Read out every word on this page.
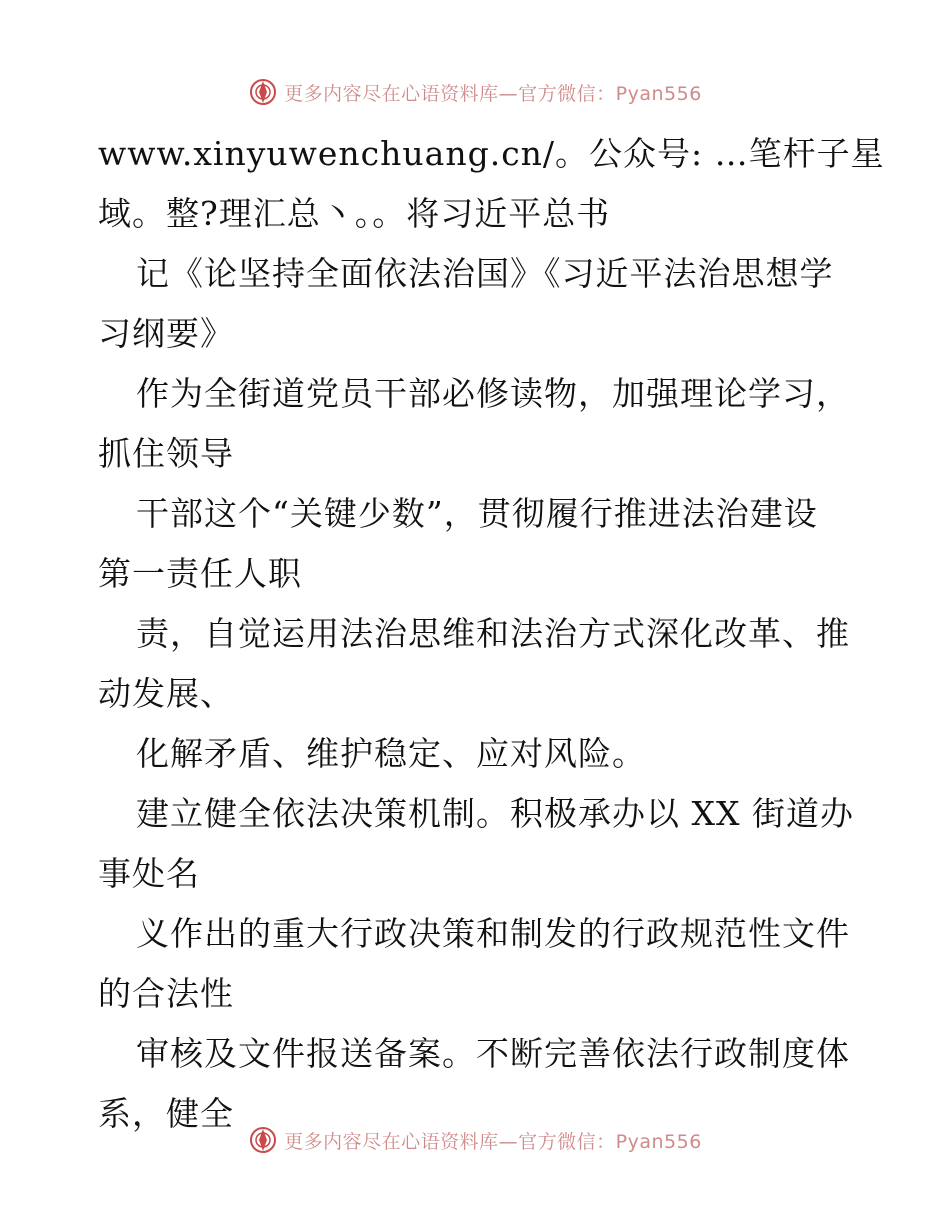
更多内容尽在心语资料库—官方微信：Pyan556
www.xinyuwenchuang.cn/。公众号: …笔杆子星
域。整?理汇总丶。。将习近平总书
记《论坚持全面依法治国》《习近平法治思想学
习纲要》
作为全街道党员干部必修读物，加强理论学习，
抓住领导
干部这个“关键少数”，贯彻履行推进法治建设
第一责任人职
责，自觉运用法治思维和法治方式深化改革、推
动发展、
化解矛盾、维护稳定、应对风险。
建立健全依法决策机制。积极承办以 XX 街道办
事处名
义作出的重大行政决策和制发的行政规范性文件
的合法性
审核及文件报送备案。不断完善依法行政制度体
系，健全
更多内容尽在心语资料库—官方微信：Pyan556
